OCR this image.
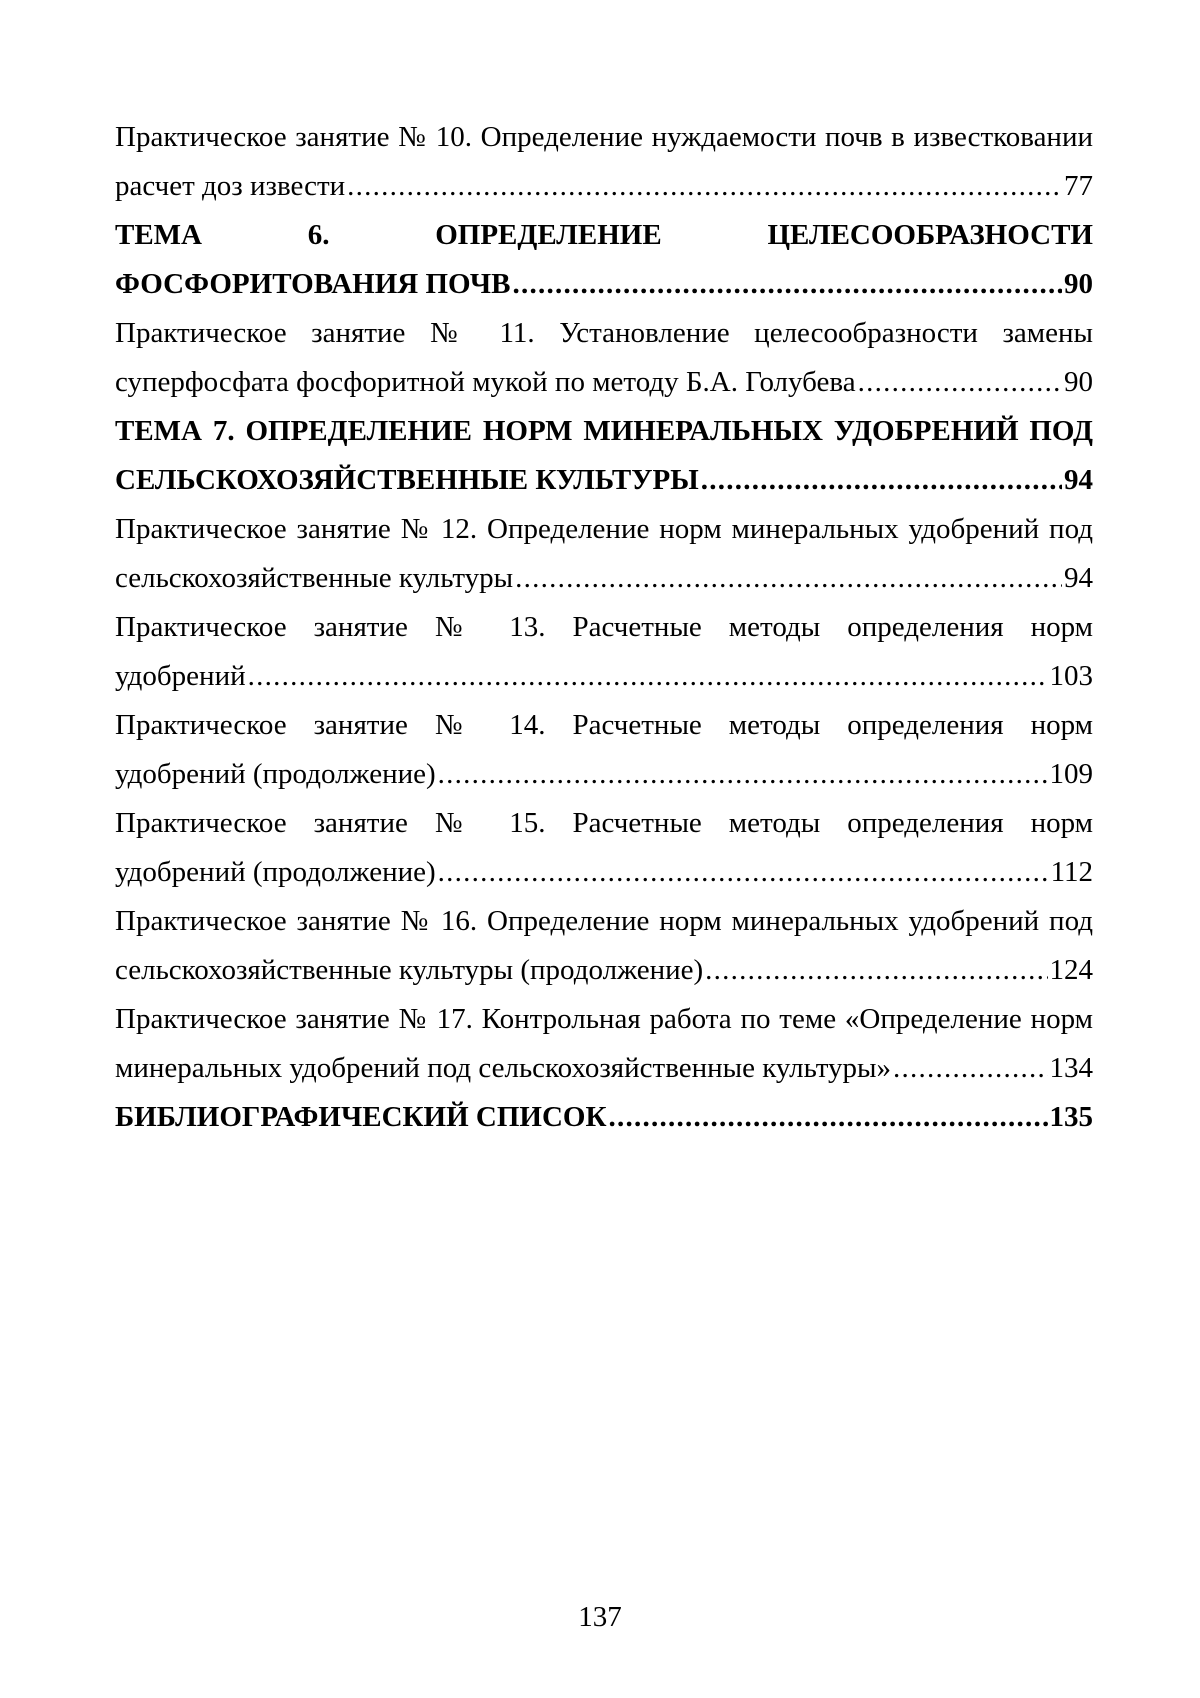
Практическое занятие № 10. Определение нуждаемости почв в известковании
расчет доз извести . . .	77
ТЕМА 6. ОПРЕДЕЛЕНИЕ ЦЕЛЕСООБРАЗНОСТИ
ФОСФОРИТОВАНИЯ ПОЧВ . . .	90
Практическое занятие № 11. Установление целесообразности замены
суперфосфата фосфоритной мукой по методу Б.А. Голубева . . .	90
ТЕМА 7. ОПРЕДЕЛЕНИЕ НОРМ МИНЕРАЛЬНЫХ УДОБРЕНИЙ ПОД
СЕЛЬСКОХОЗЯЙСТВЕННЫЕ КУЛЬТУРЫ . . .	94
Практическое занятие № 12. Определение норм минеральных удобрений под
сельскохозяйственные культуры . . .	94
Практическое занятие № 13. Расчетные методы определения норм
удобрений . . .	103
Практическое занятие № 14. Расчетные методы определения норм
удобрений (продолжение) . . .	109
Практическое занятие № 15. Расчетные методы определения норм
удобрений (продолжение) . . .	112
Практическое занятие № 16. Определение норм минеральных удобрений под
сельскохозяйственные культуры (продолжение) . . .	124
Практическое занятие № 17. Контрольная работа по теме «Определение норм
минеральных удобрений под сельскохозяйственные культуры» . . .	134
БИБЛИОГРАФИЧЕСКИЙ СПИСОК . . .	135
137
